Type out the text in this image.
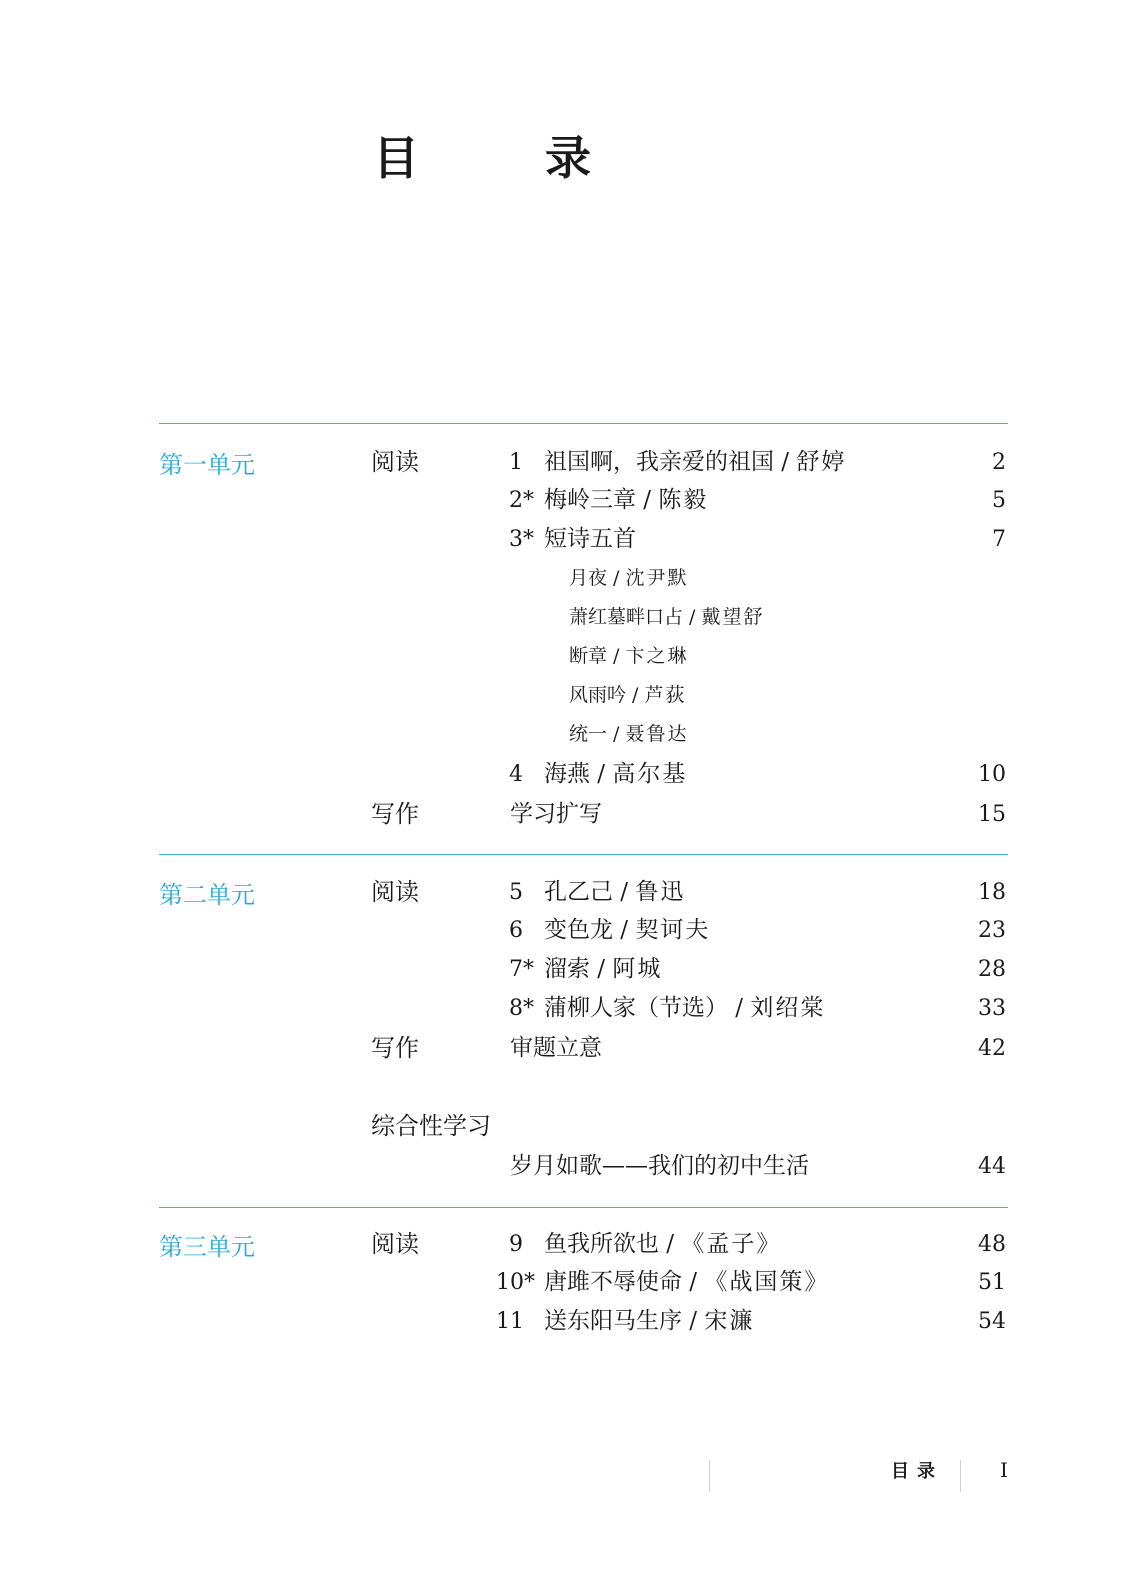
目　录
第一单元	阅读	1 祖国啊，我亲爱的祖国 / 舒婷	2
2* 梅岭三章 / 陈毅	5
3* 短诗五首	7
月夜 / 沈尹默
萧红墓畔口占 / 戴望舒
断章 / 卞之琳
风雨吟 / 芦荻
统一 / 聂鲁达
4 海燕 / 高尔基	10
写作	学习扩写	15
第二单元	阅读	5 孔乙己 / 鲁迅	18
6 变色龙 / 契诃夫	23
7* 溜索 / 阿城	28
8* 蒲柳人家（节选） / 刘绍棠	33
写作	审题立意	42
综合性学习
岁月如歌——我们的初中生活	44
第三单元	阅读	9 鱼我所欲也 / 《孟子》	48
10* 唐雎不辱使命 / 《战国策》	51
11 送东阳马生序 / 宋濂	54
目录	I
